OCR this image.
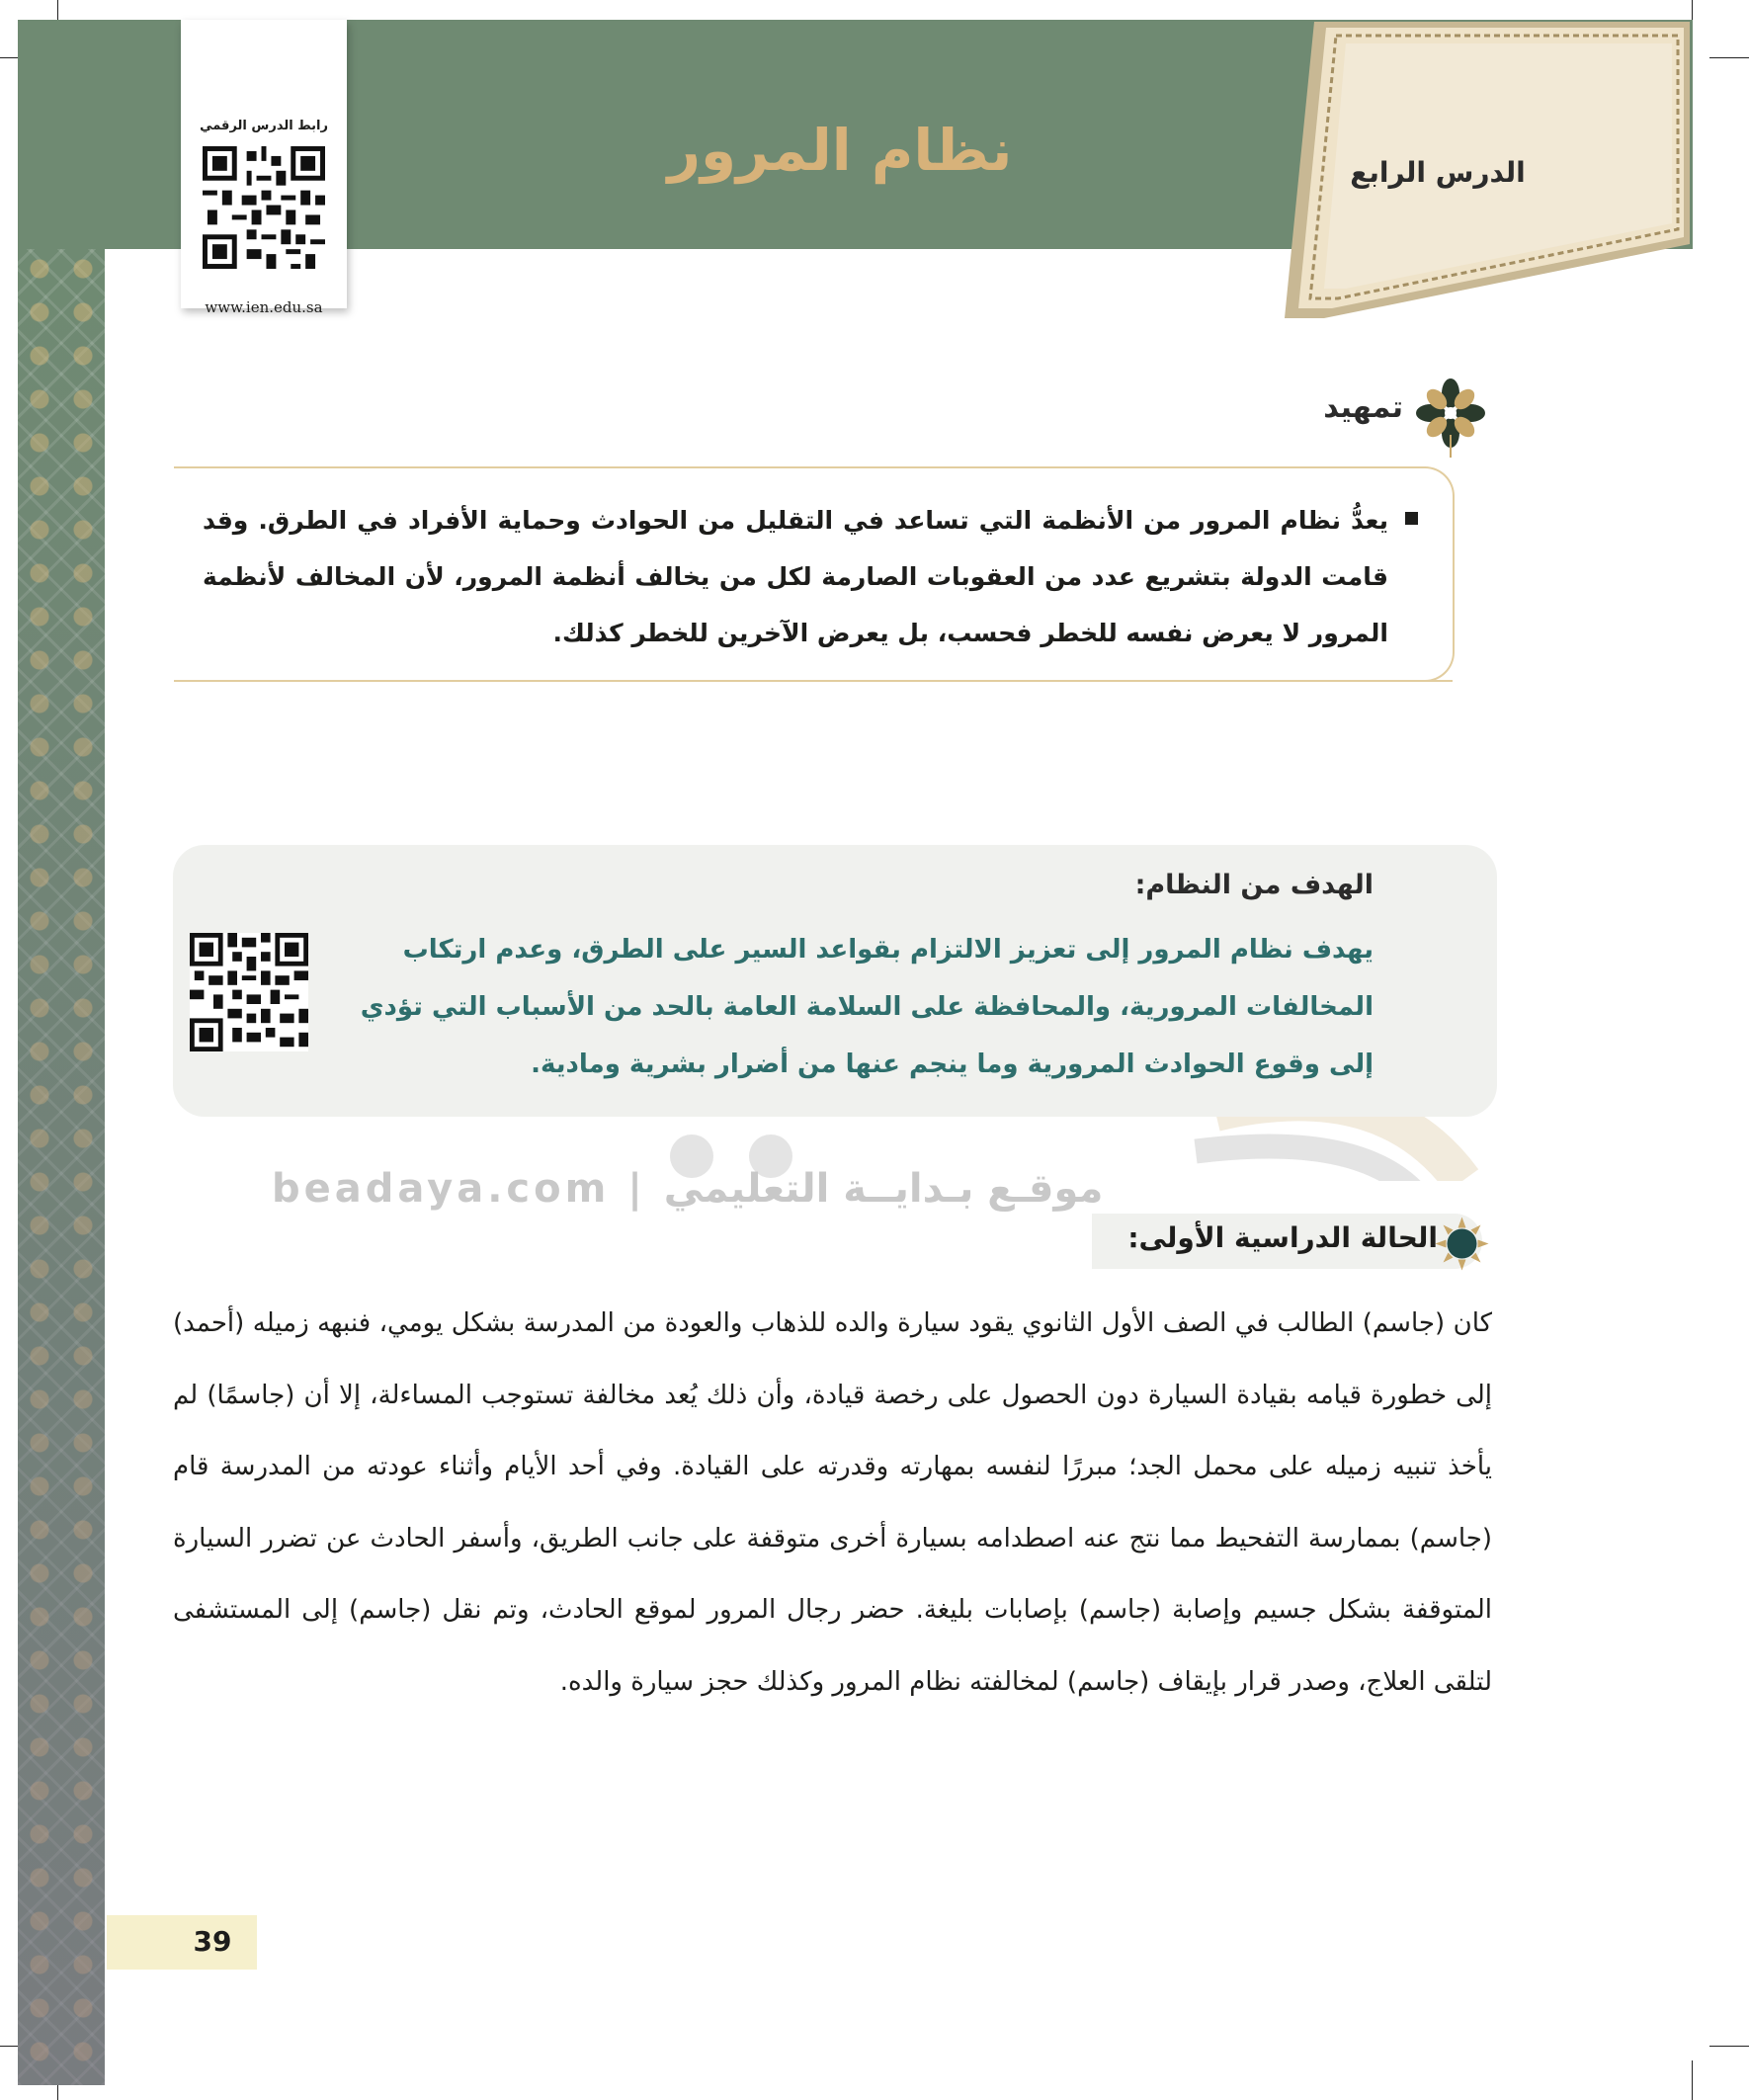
الدرس الرابع
نظام المرور
رابط الدرس الرقمي
www.ien.edu.sa
تمهيد
يعدُّ نظام المرور من الأنظمة التي تساعد في التقليل من الحوادث وحماية الأفراد في الطرق. وقد قامت الدولة بتشريع عدد من العقوبات الصارمة لكل من يخالف أنظمة المرور، لأن المخالف لأنظمة المرور لا يعرض نفسه للخطر فحسب، بل يعرض الآخرين للخطر كذلك.
الهدف من النظام:
يهدف نظام المرور إلى تعزيز الالتزام بقواعد السير على الطرق، وعدم ارتكاب المخالفات المرورية، والمحافظة على السلامة العامة بالحد من الأسباب التي تؤدي إلى وقوع الحوادث المرورية وما ينجم عنها من أضرار بشرية ومادية.
beadaya.com | موقـع بـدايــة التعليمي
الحالة الدراسية الأولى:
كان (جاسم) الطالب في الصف الأول الثانوي يقود سيارة والده للذهاب والعودة من المدرسة بشكل يومي، فنبهه زميله (أحمد) إلى خطورة قيامه بقيادة السيارة دون الحصول على رخصة قيادة، وأن ذلك يُعد مخالفة تستوجب المساءلة، إلا أن (جاسمًا) لم يأخذ تنبيه زميله على محمل الجد؛ مبررًا لنفسه بمهارته وقدرته على القيادة. وفي أحد الأيام وأثناء عودته من المدرسة قام (جاسم) بممارسة التفحيط مما نتج عنه اصطدامه بسيارة أخرى متوقفة على جانب الطريق، وأسفر الحادث عن تضرر السيارة المتوقفة بشكل جسيم وإصابة (جاسم) بإصابات بليغة. حضر رجال المرور لموقع الحادث، وتم نقل (جاسم) إلى المستشفى لتلقى العلاج، وصدر قرار بإيقاف (جاسم) لمخالفته نظام المرور وكذلك حجز سيارة والده.
39
